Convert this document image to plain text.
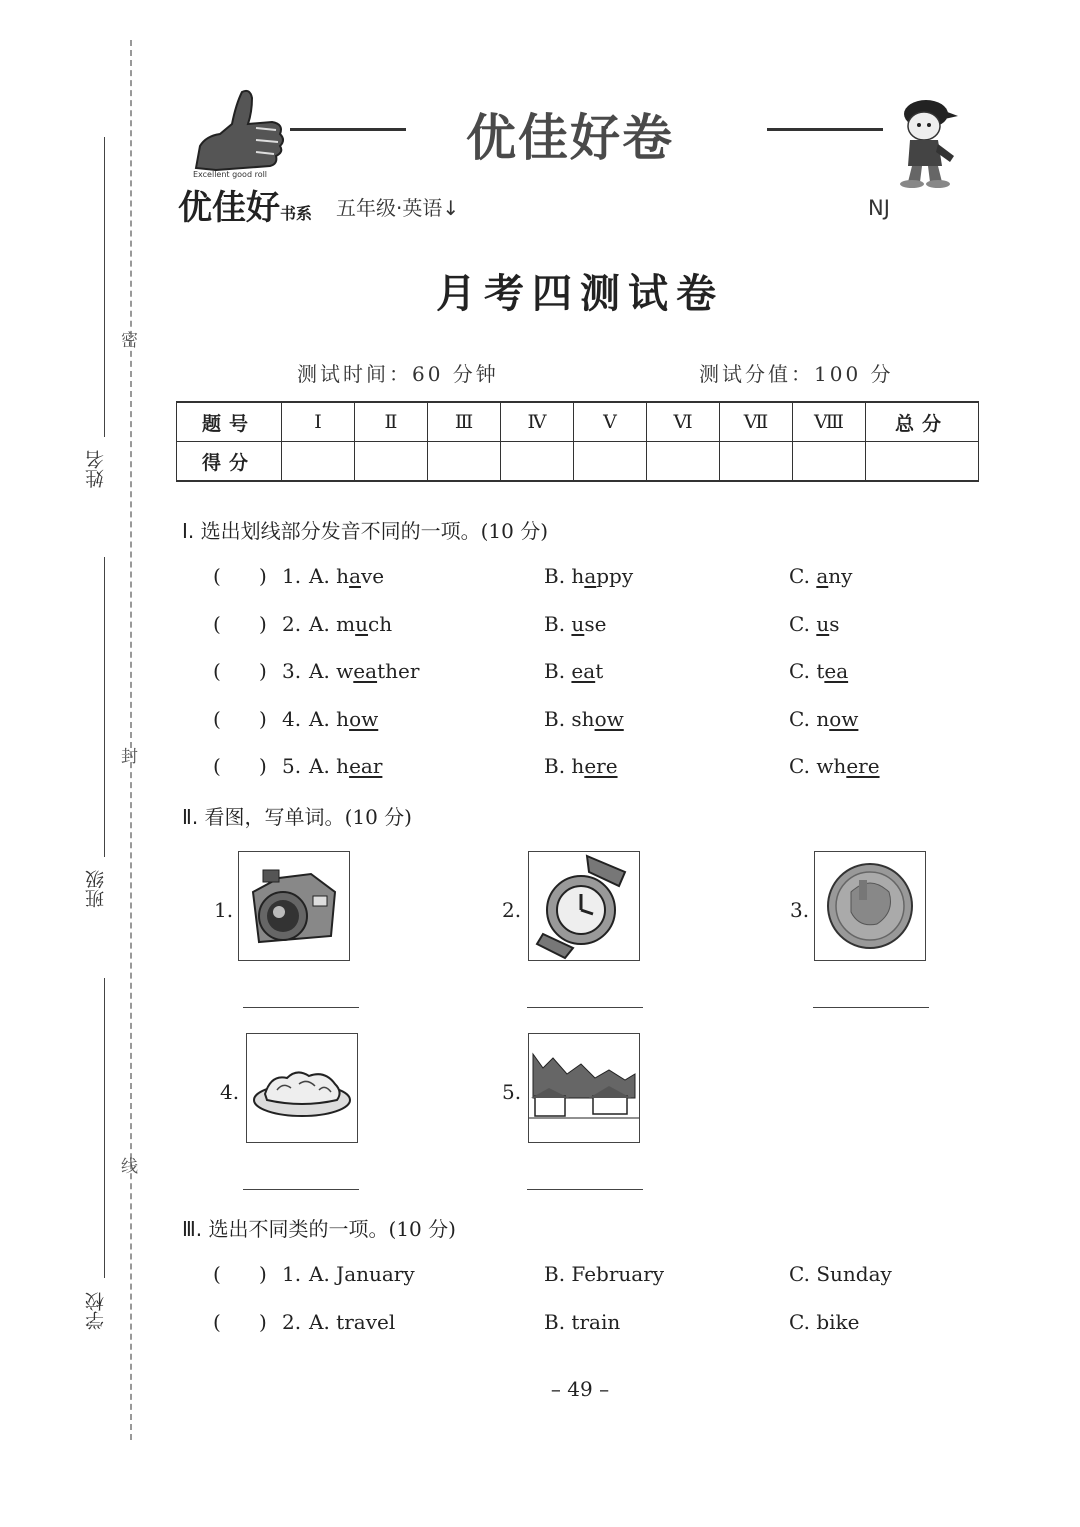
姓名
班级
学校
密
封
线
Excellent good roll
优佳好书系 五年级·英语↓
优佳好卷
NJ
月考四测试卷
测试时间：60 分钟	测试分值：100 分
题号	Ⅰ	Ⅱ	Ⅲ	Ⅳ	Ⅴ	Ⅵ	Ⅶ	Ⅷ	总分
得分									
Ⅰ. 选出划线部分发音不同的一项。(10 分)
(      ) 1. A. have	B. happy	C. any
(      ) 2. A. much	B. use	C. us
(      ) 3. A. weather	B. eat	C. tea
(      ) 4. A. how	B. show	C. now
(      ) 5. A. hear	B. here	C. where
Ⅱ. 看图，写单词。(10 分)
1.	2.	3.
4.	5.
Ⅲ. 选出不同类的一项。(10 分)
(      ) 1. A. January	B. February	C. Sunday
(      ) 2. A. travel	B. train	C. bike
– 49 –
